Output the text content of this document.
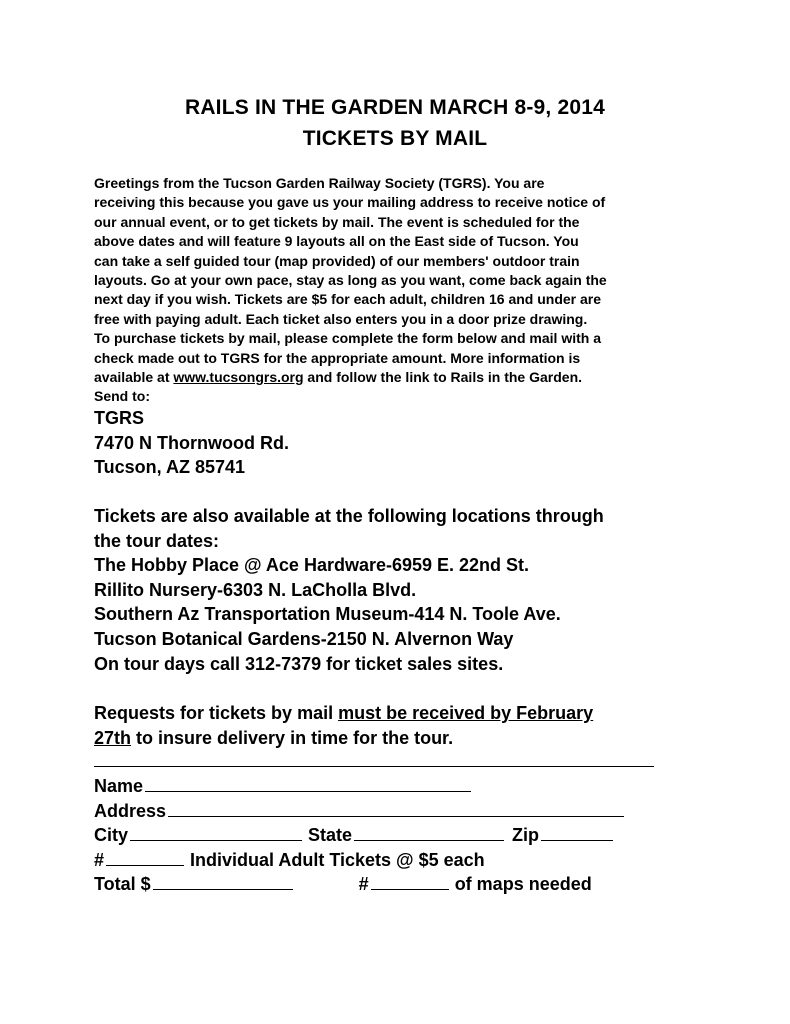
RAILS IN THE GARDEN MARCH 8-9, 2014
TICKETS BY MAIL
Greetings from the Tucson Garden Railway Society (TGRS). You are
receiving this because you gave us your mailing address to receive notice of
our annual event, or to get tickets by mail. The event is scheduled for the
above dates and will feature 9 layouts all on the East side of Tucson. You
can take a self guided tour (map provided) of our members' outdoor train
layouts. Go at your own pace, stay as long as you want, come back again the
next day if you wish. Tickets are $5 for each adult, children 16 and under are
free with paying adult. Each ticket also enters you in a door prize drawing.
To purchase tickets by mail, please complete the form below and mail with a
check made out to TGRS for the appropriate amount. More information is
available at www.tucsongrs.org and follow the link to Rails in the Garden.
Send to:
TGRS
7470 N Thornwood Rd.
Tucson, AZ 85741
Tickets are also available at the following locations through
the tour dates:
The Hobby Place @ Ace Hardware-6959 E. 22nd St.
Rillito Nursery-6303 N. LaCholla Blvd.
Southern Az Transportation Museum-414 N. Toole Ave.
Tucson Botanical Gardens-2150 N. Alvernon Way
On tour days call 312-7379 for ticket sales sites.
Requests for tickets by mail must be received by February
27th to insure delivery in time for the tour.
Name
Address
City	State	Zip
#	Individual Adult Tickets @ $5 each
Total $	#	of maps needed
